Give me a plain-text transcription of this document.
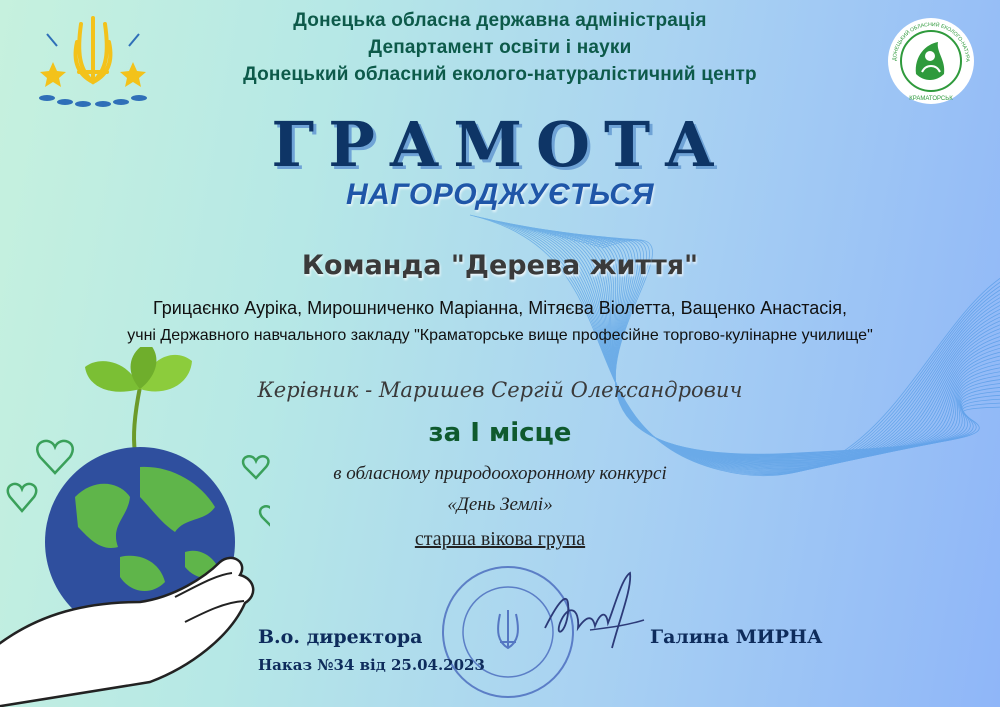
КРАМАТОРСЬК
ДОНЕЦЬКИЙ ОБЛАСНИЙ ЕКОЛОГО-НАТУРА
Донецька обласна державна адміністрація
Департамент освіти і науки
Донецький обласний еколого-натуралістичний центр
ГРАМОТА
НАГОРОДЖУЄТЬСЯ
Команда "Дерева життя"
Грицаєнко Ауріка, Мирошниченко Маріанна, Мітяєва Віолетта, Ващенко Анастасія,
учні Державного навчального закладу "Краматорське вище професійне торгово-кулінарне училище"
Керівник - Маришев Сергій Олександрович
за І місце
в обласному природоохоронному конкурсі
«День Землі»
старша вікова група
В.о. директора	Галина МИРНА
Наказ №34 від 25.04.2023
